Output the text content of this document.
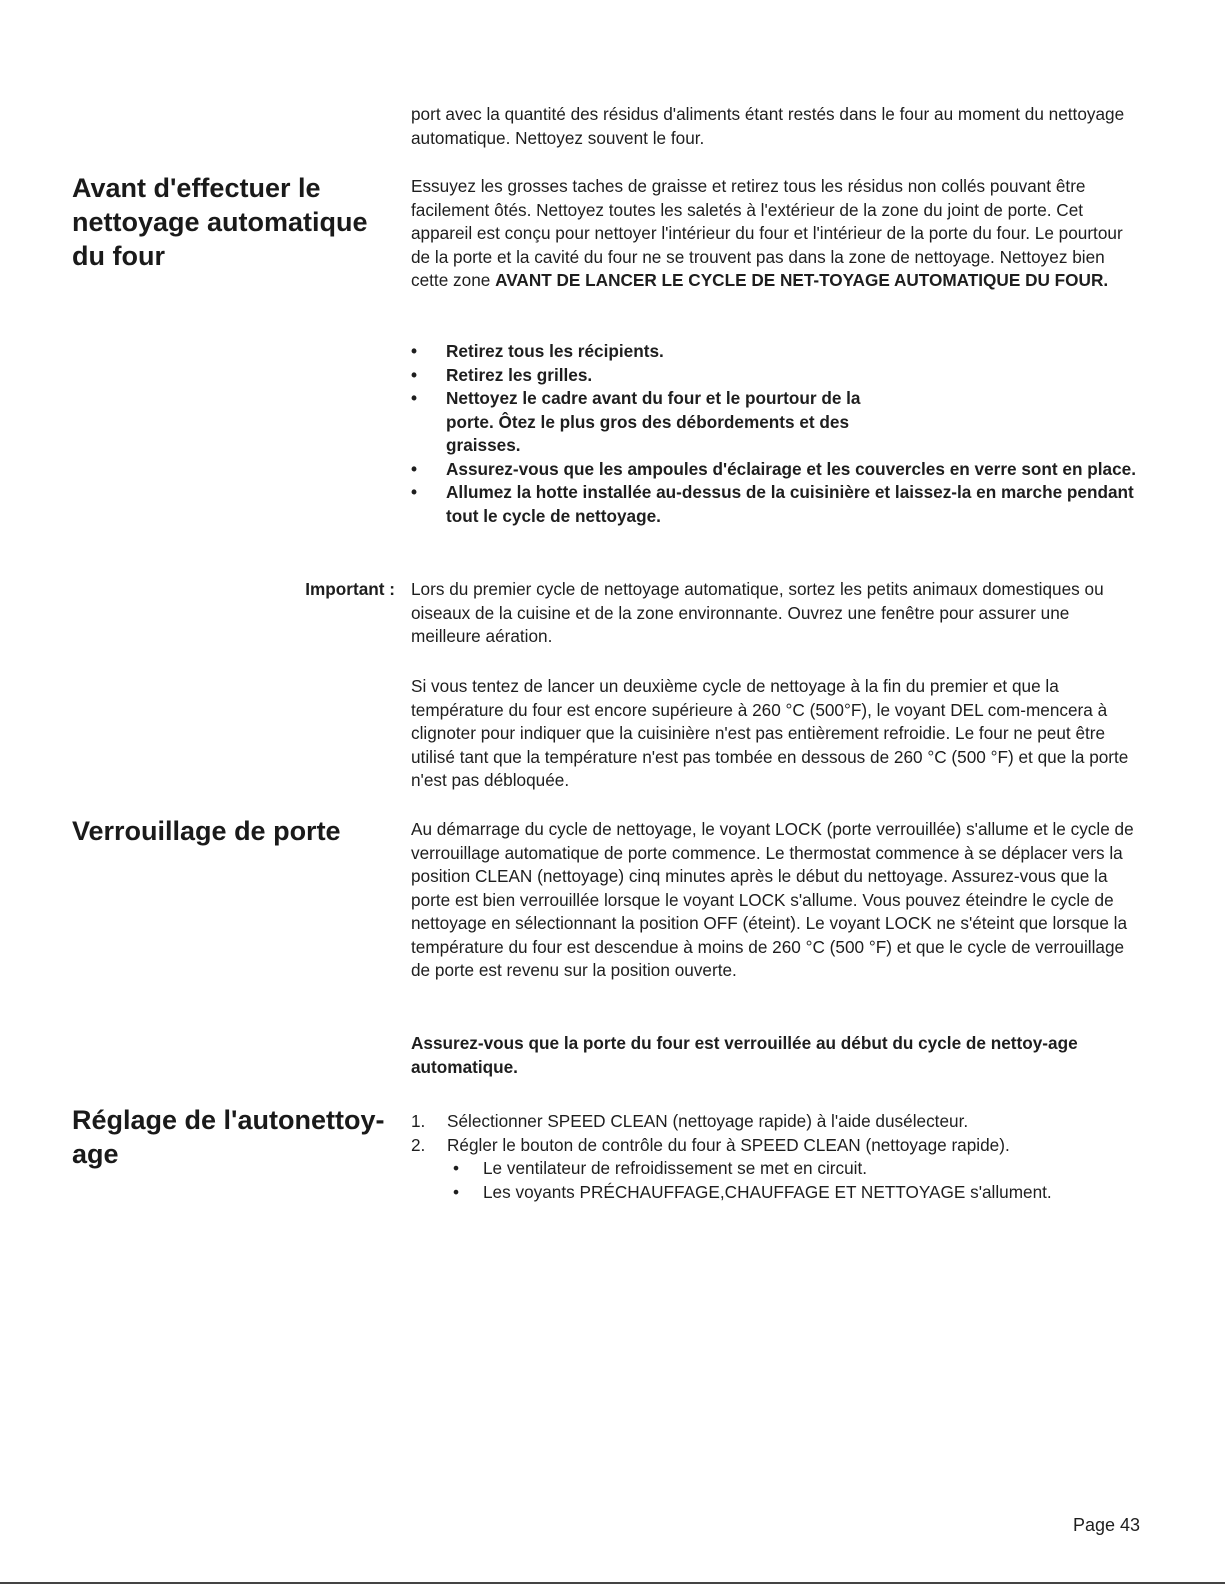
port avec la quantité des résidus d'aliments étant restés dans le four au moment du nettoyage automatique. Nettoyez souvent le four.

Avant d'effectuer le nettoyage automatique du four

Essuyez les grosses taches de graisse et retirez tous les résidus non collés pouvant être facilement ôtés. Nettoyez toutes les saletés à l'extérieur de la zone du joint de porte. Cet appareil est conçu pour nettoyer l'intérieur du four et l'intérieur de la porte du four. Le pourtour de la porte et la cavité du four ne se trouvent pas dans la zone de nettoyage. Nettoyez bien cette zone AVANT DE LANCER LE CYCLE DE NET-TOYAGE AUTOMATIQUE DU FOUR.

• Retirez tous les récipients.
• Retirez les grilles.
• Nettoyez le cadre avant du four et le pourtour de la porte. Ôtez le plus gros des débordements et des graisses.
• Assurez-vous que les ampoules d'éclairage et les couvercles en verre sont en place.
• Allumez la hotte installée au-dessus de la cuisinière et laissez-la en marche pendant tout le cycle de nettoyage.
Important : Lors du premier cycle de nettoyage automatique, sortez les petits animaux domestiques ou oiseaux de la cuisine et de la zone environnante. Ouvrez une fenêtre pour assurer une meilleure aération.

Si vous tentez de lancer un deuxième cycle de nettoyage à la fin du premier et que la température du four est encore supérieure à 260 °C (500°F), le voyant DEL com-mencera à clignoter pour indiquer que la cuisinière n'est pas entièrement refroidie. Le four ne peut être utilisé tant que la température n'est pas tombée en dessous de 260 °C (500 °F) et que la porte n'est pas débloquée.

Verrouillage de porte	Au démarrage du cycle de nettoyage, le voyant LOCK (porte verrouillée) s'allume et le cycle de verrouillage automatique de porte commence. Le thermostat commence à se déplacer vers la position CLEAN (nettoyage) cinq minutes après le début du nettoyage. Assurez-vous que la porte est bien verrouillée lorsque le voyant LOCK s'allume. Vous pouvez éteindre le cycle de nettoyage en sélectionnant la position OFF (éteint). Le voyant LOCK ne s'éteint que lorsque la température du four est descendue à moins de 260 °C (500 °F) et que le cycle de verrouillage de porte est revenu sur la position ouverte.

Assurez-vous que la porte du four est verrouillée au début du cycle de nettoy-age automatique.

Réglage de l'autonettoy-age
1. Sélectionner SPEED CLEAN (nettoyage rapide) à l'aide dusélecteur.
2. Régler le bouton de contrôle du four à SPEED CLEAN (nettoyage rapide).
• Le ventilateur de refroidissement se met en circuit.
• Les voyants PRÉCHAUFFAGE,CHAUFFAGE ET NETTOYAGE s'allument.
Page 43
